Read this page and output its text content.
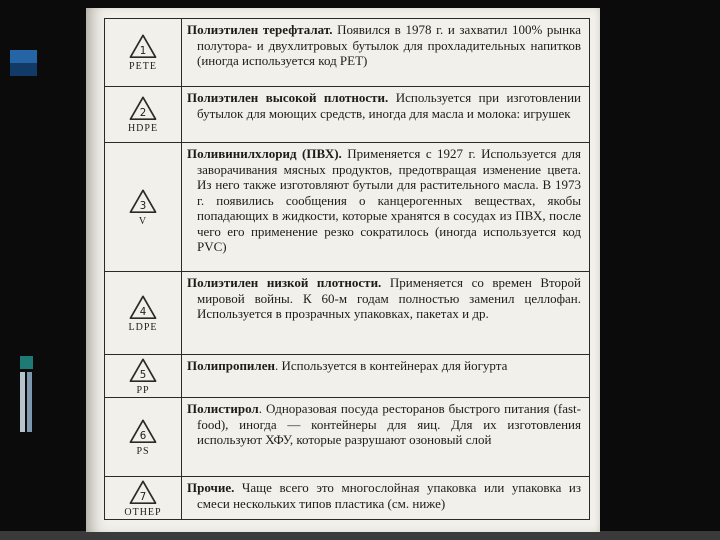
1
PETE

Полиэтилен терефталат. Появился в 1978 г. и захватил 100% рынка полутора- и двухлитровых бутылок для прохладительных напитков (иногда используется код PET)

2
HDPE

Полиэтилен высокой плотности. Используется при изготовлении бутылок для моющих средств, иногда для масла и молока: игрушек

3
V

Поливинилхлорид (ПВХ). Применяется с 1927 г. Используется для заворачивания мясных продуктов, предотвращая изменение цвета. Из него также изготовляют бутыли для растительного масла. В 1973 г. появились сообщения о канцерогенных веществах, якобы попадающих в жидкости, которые хранятся в сосудах из ПВХ, после чего его применение резко сократилось (иногда используется код PVC)

4
LDPE

Полиэтилен низкой плотности. Применяется со времен Второй мировой войны. К 60-м годам полностью заменил целлофан. Используется в прозрачных упаковках, пакетах и др.

5
PP

Полипропилен. Используется в контейнерах для йогурта

6
PS

Полистирол. Одноразовая посуда ресторанов быстрого питания (fast-food), иногда — контейнеры для яиц. Для их изготовления используют ХФУ, которые разрушают озоновый слой

7
ОТНЕР

Прочие. Чаще всего это многослойная упаковка или упаковка из смеси нескольких типов пластика (см. ниже)
